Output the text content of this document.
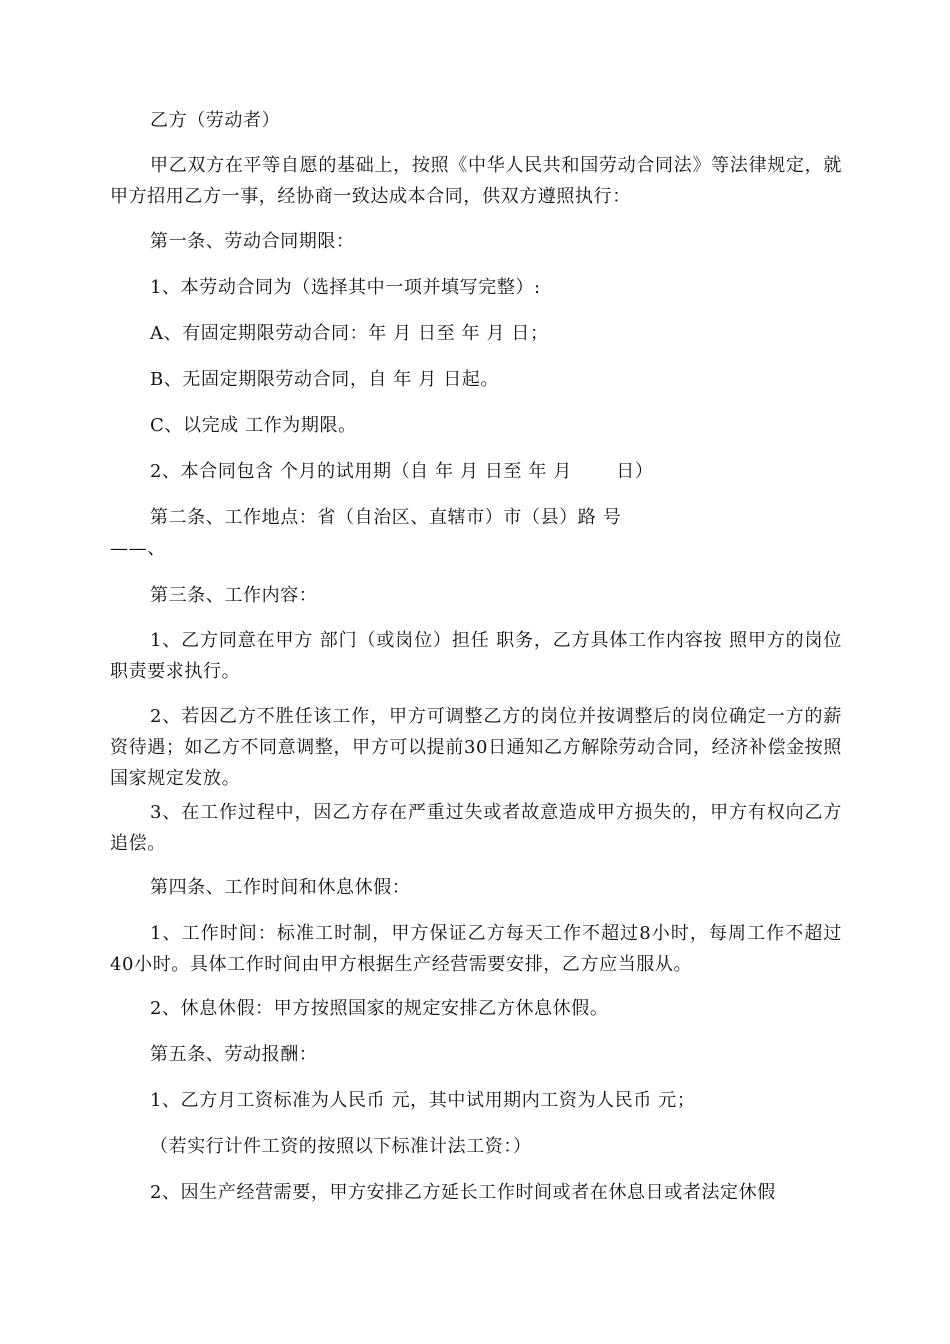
乙方（劳动者）
甲乙双方在平等自愿的基础上，按照《中华人民共和国劳动合同法》等法律规定，就甲方招用乙方一事，经协商一致达成本合同，供双方遵照执行：
第一条、劳动合同期限：
1、本劳动合同为（选择其中一项并填写完整）:
A、有固定期限劳动合同：年 月 日至 年 月 日；
B、无固定期限劳动合同，自 年 月 日起。
C、以完成 工作为期限。
2、本合同包含 个月的试用期（自 年 月 日至 年 月       日）
第二条、工作地点：省（自治区、直辖市）市（县）路 号
——、
第三条、工作内容：
1、乙方同意在甲方 部门（或岗位）担任 职务，乙方具体工作内容按 照甲方的岗位职责要求执行。
2、若因乙方不胜任该工作，甲方可调整乙方的岗位并按调整后的岗位确定一方的薪资待遇；如乙方不同意调整，甲方可以提前30日通知乙方解除劳动合同，经济补偿金按照国家规定发放。
3、在工作过程中，因乙方存在严重过失或者故意造成甲方损失的，甲方有权向乙方追偿。
第四条、工作时间和休息休假：
1、工作时间：标准工时制，甲方保证乙方每天工作不超过8小时，每周工作不超过40小时。具体工作时间由甲方根据生产经营需要安排，乙方应当服从。
2、休息休假：甲方按照国家的规定安排乙方休息休假。
第五条、劳动报酬：
1、乙方月工资标准为人民币 元，其中试用期内工资为人民币 元；
（若实行计件工资的按照以下标准计法工资：）
2、因生产经营需要，甲方安排乙方延长工作时间或者在休息日或者法定休假
